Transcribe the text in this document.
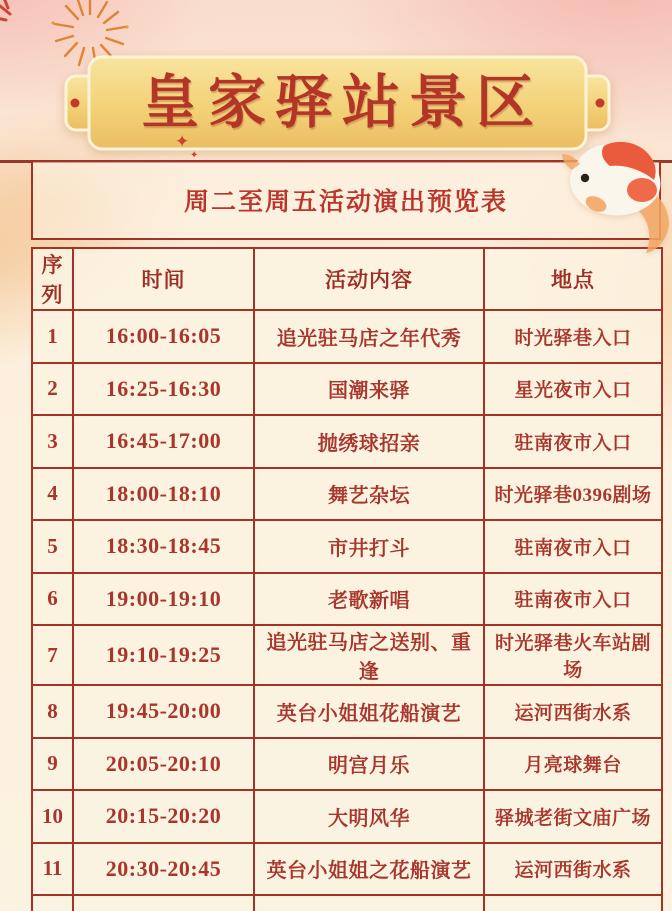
皇家驿站景区
✦
✦
周二至周五活动演出预览表
序列	时间	活动内容	地点
1	16:00-16:05	追光驻马店之年代秀	时光驿巷入口
2	16:25-16:30	国潮来驿	星光夜市入口
3	16:45-17:00	抛绣球招亲	驻南夜市入口
4	18:00-18:10	舞艺杂坛	时光驿巷0396剧场
5	18:30-18:45	市井打斗	驻南夜市入口
6	19:00-19:10	老歌新唱	驻南夜市入口
7	19:10-19:25	追光驻马店之送别、重逢	时光驿巷火车站剧场
8	19:45-20:00	英台小姐姐花船演艺	运河西街水系
9	20:05-20:10	明宫月乐	月亮球舞台
10	20:15-20:20	大明风华	驿城老街文庙广场
11	20:30-20:45	英台小姐姐之花船演艺	运河西街水系
